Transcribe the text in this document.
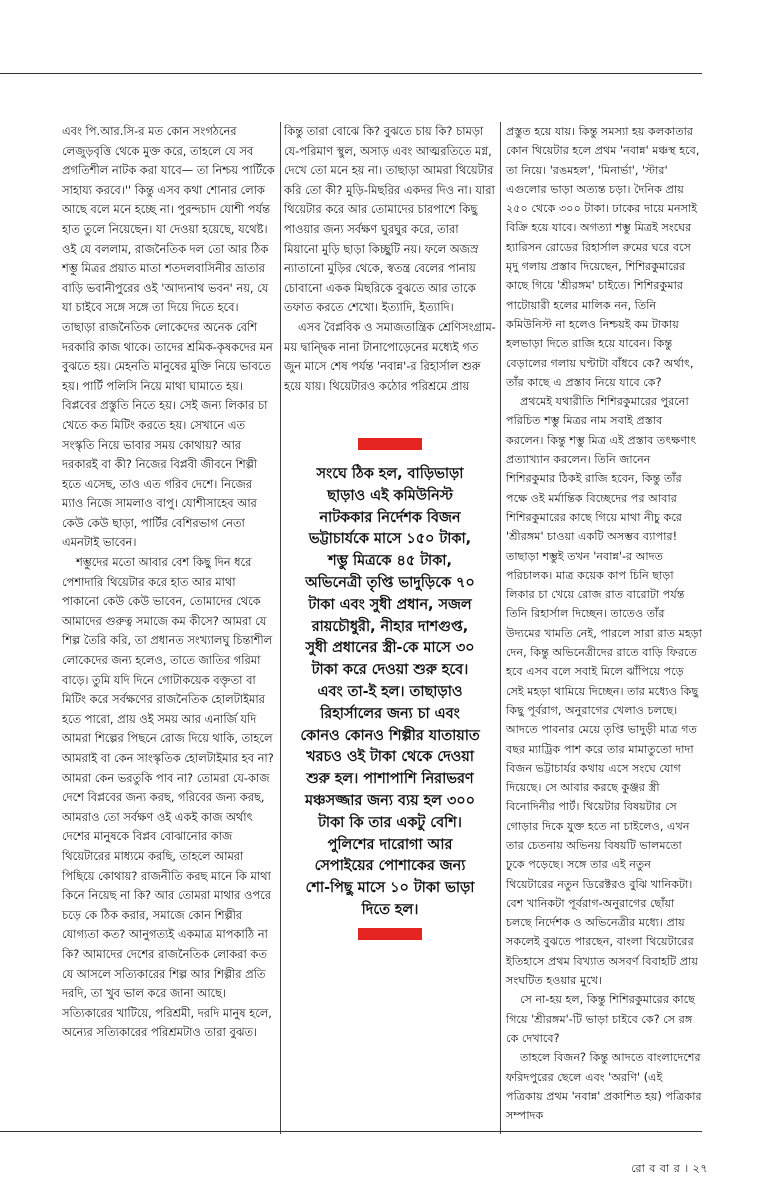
এবং পি.আর.সি-র মত কোন সংগঠনের লেজুড়বৃত্তি থেকে মুক্ত করে, তাহলে যে সব প্রগতিশীল নাটক করা যাবে— তা নিশ্চয় পার্টিকে সাহায্য করবে।'' কিন্তু এসব কথা শোনার লোক আছে বলে মনে হচ্ছে না। পুরন্দচাদ যোশী পর্যন্ত হাত তুলে নিয়েছেন। যা দেওয়া হয়েছে, যথেষ্ট। ওই যে বললাম, রাজনৈতিক দল তো আর ঠিক শম্ভু মিত্রর প্রয়াত মাতা শতদলবাসিনীর ভ্রাতার বাড়ি ভবানীপুরের ওই 'আদ্যনাথ ভবন' নয়, যে যা চাইবে সঙ্গে সঙ্গে তা দিয়ে দিতে হবে। তাছাড়া রাজনৈতিক লোকেদের অনেক বেশি দরকারি কাজ থাকে। তাদের শ্রমিক-কৃষকদের মন বুঝতে হয়। মেহনতি মানুষের মুক্তি নিয়ে ভাবতে হয়। পার্টি পলিসি নিয়ে মাথা ঘামাতে হয়। বিপ্লবের প্রস্তুতি নিতে হয়। সেই জন্য লিকার চা খেতে কত মিটিং করতে হয়। সেখানে এত সংস্কৃতি নিয়ে ভাবার সময় কোথায়? আর দরকারই বা কী? নিজের বিপ্লবী জীবনে শিল্পী হতে এসেছ, তাও এত গরিব দেশে। নিজের ম্যাও নিজে সামলাও বাপু। যোশীসাহেব আর কেউ কেউ ছাড়া, পার্টির বেশিরভাগ নেতা এমনটাই ভাবেন।

শম্ভুদের মতো আবার বেশ কিছু দিন ধরে পেশাদারি থিয়েটার করে হাত আর মাথা পাকানো কেউ কেউ ভাবেন, তোমাদের থেকে আমাদের গুরুত্ব সমাজে কম কীসে? আমরা যে শিল্প তৈরি করি, তা প্রধানত সংখ্যালঘু চিন্তাশীল লোকেদের জন্য হলেও, তাতে জাতির গরিমা বাড়ে। তুমি যদি দিনে গোটাকয়েক বক্তৃতা বা মিটিং করে সর্বক্ষণের রাজনৈতিক হোলটাইমার হতে পারো, প্রায় ওই সময় আর এনার্জি যদি আমরা শিল্পের পিছনে রোজ দিয়ে থাকি, তাহলে আমরাই বা কেন সাংস্কৃতিক হোলটাইমার হব না? আমরা কেন ভরতুকি পাব না? তোমরা যে-কাজ দেশে বিপ্লবের জন্য করছ, গরিবের জন্য করছ, আমরাও তো সর্বক্ষণ ওই একই কাজ অর্থাৎ দেশের মানুষকে বিপ্লব বোঝানোর কাজ থিয়েটারের মাধ্যমে করছি, তাহলে আমরা পিছিয়ে কোথায়? রাজনীতি করছ মানে কি মাথা কিনে নিয়েছ না কি? আর তোমরা মাথার ওপরে চড়ে কে ঠিক করার, সমাজে কোন শিল্পীর যোগ্যতা কত? আনুগত্যই একমাত্র মাপকাঠি না কি? আমাদের দেশের রাজনৈতিক লোকরা কত যে আসলে সত্যিকারের শিল্প আর শিল্পীর প্রতি দরদি, তা খুব ভাল করে জানা আছে। সত্যিকারের খাটিয়ে, পরিশ্রমী, দরদি মানুষ হলে, অন্যের সত্যিকারের পরিশ্রমটাও তারা বুঝত।

কিন্তু তারা বোঝে কি? বুঝতে চায় কি? চামড়া যে-পরিমাণ স্থুল, অসাড় এবং আত্মরতিতে মগ্ন, দেখে তো মনে হয় না। তাছাড়া আমরা থিয়েটার করি তো কী? মুড়ি-মিছরির একদর দিও না। যারা থিয়েটার করে আর তোমাদের চারপাশে কিছু পাওয়ার জন্য সর্বক্ষণ ঘুরঘুর করে, তারা মিয়ানো মুড়ি ছাড়া কিচ্ছুটি নয়। ফলে অজস্র ন্যাতানো মুড়ির থেকে, স্বতন্ত্র বেলের পানায় চোবানো একক মিছরিকে বুঝতে আর তাকে তফাত করতে শেখো। ইত্যাদি, ইত্যাদি।

এসব বৈপ্লবিক ও সমাজতান্ত্রিক শ্রেণিসংগ্রাম-ময় দ্বান্দ্বিক নানা টানাপোড়েনের মধ্যেই গত জুন মাসে শেষ পর্যন্ত 'নবান্ন'-র রিহার্সাল শুরু হয়ে যায়। থিয়েটারও কঠোর পরিশ্রমে প্রায়

সংঘে ঠিক হল, বাড়িভাড়া ছাড়াও এই কমিউনিস্ট নাটককার নির্দেশক বিজন ভট্টাচার্যকে মাসে ১৫০ টাকা, শম্ভু মিত্রকে ৪৫ টাকা, অভিনেত্রী তৃপ্তি ভাদুড়িকে ৭০ টাকা এবং সুধী প্রধান, সজল রায়চৌধুরী, নীহার দাশগুপ্ত, সুধী প্রধানের স্ত্রী-কে মাসে ৩০ টাকা করে দেওয়া শুরু হবে। এবং তা-ই হল। তাছাড়াও রিহার্সালের জন্য চা এবং কোনও কোনও শিল্পীর যাতায়াত খরচও ওই টাকা থেকে দেওয়া শুরু হল। পাশাপাশি নিরাভরণ মঞ্চসজ্জার জন্য ব্যয় হল ৩০০ টাকা কি তার একটু বেশি। পুলিশের দারোগা আর সেপাইয়ের পোশাকের জন্য শো-পিছু মাসে ১০ টাকা ভাড়া দিতে হল।

প্রস্তুত হয়ে যায়। কিন্তু সমস্যা হয় কলকাতার কোন থিয়েটার হলে প্রথম 'নবান্ন' মঞ্চস্থ হবে, তা নিয়ে। 'রঙমহল', 'মিনার্ভা', 'স্টার' এগুলোর ভাড়া অত্যন্ত চড়া। দৈনিক প্রায় ২৫০ থেকে ৩০০ টাকা। ঢাকের দায়ে মনসাই বিক্রি হয়ে যাবে। অগত্যা শম্ভু মিত্রই সংঘের হ্যারিসন রোডের রিহার্সাল রুমের ঘরে বসে মৃদু গলায় প্রস্তাব দিয়েছেন, শিশিরকুমারের কাছে গিয়ে 'শ্রীরঙ্গম' চাইতে। শিশিরকুমার পাটোয়ারী হলের মালিক নন, তিনি কমিউনিস্ট না হলেও নিশ্চয়ই কম টাকায় হলভাড়া দিতে রাজি হয়ে যাবেন। কিন্তু বেড়ালের গলায় ঘণ্টাটা বাঁধবে কে? অর্থাৎ, তাঁর কাছে এ প্রস্তাব নিয়ে যাবে কে?

প্রথমেই যথারীতি শিশিরকুমারের পুরনো পরিচিত শম্ভু মিত্রর নাম সবাই প্রস্তাব করলেন। কিন্তু শম্ভু মিত্র এই প্রস্তাব তৎক্ষণাৎ প্রত্যাখ্যান করলেন। তিনি জানেন শিশিরকুমার ঠিকই রাজি হবেন, কিন্তু তাঁর পক্ষে ওই মর্মান্তিক বিচ্ছেদের পর আবার শিশিরকুমারের কাছে গিয়ে মাথা নীচু করে 'শ্রীরঙ্গম' চাওয়া একটি অসম্ভব ব্যাপার! তাছাড়া শম্ভুই তখন 'নবান্ন'-র আদত পরিচালক। মাত্র কয়েক কাপ চিনি ছাড়া লিকার চা খেয়ে রোজ রাত বারোটা পর্যন্ত তিনি রিহার্সাল দিচ্ছেন। তাতেও তাঁর উদ্যমের খামতি নেই, পারলে সারা রাত মহড়া দেন, কিন্তু অভিনেত্রীদের রাতে বাড়ি ফিরতে হবে এসব বলে সবাই মিলে ঝাঁপিয়ে পড়ে সেই মহড়া থামিয়ে দিচ্ছেন। তার মধ্যেও কিছু কিছু পূর্বরাগ, অনুরাগের খেলাও চলছে। আদতে পাবনার মেয়ে তৃপ্তি ভাদুড়ী মাত্র গত বছর ম্যাট্রিক পাশ করে তার মামাতুতো দাদা বিজন ভট্টাচার্যর কথায় এসে সংঘে যোগ দিয়েছে। সে আবার করছে কুঞ্জর স্ত্রী বিনোদিনীর পার্ট। থিয়েটার বিষয়টার সে গোড়ার দিকে যুক্ত হতে না চাইলেও, এখন তার চেতনায় অভিনয় বিষয়টি ভালমতো ঢুকে পড়েছে। সঙ্গে তার এই নতুন থিয়েটারের নতুন ডিরেক্টরও বুঝি খানিকটা। বেশ খানিকটা পূর্বরাগ-অনুরাগের ছোঁয়া চলছে নির্দেশক ও অভিনেত্রীর মধ্যে। প্রায় সকলেই বুঝতে পারছেন, বাংলা থিয়েটারের ইতিহাসে প্রথম বিখ্যাত অসবর্ণ বিবাহটি প্রায় সংঘটিত হওয়ার মুখে।

সে না-হয় হল, কিন্তু শিশিরকুমারের কাছে গিয়ে 'শ্রীরঙ্গম'-টি ভাড়া চাইবে কে? সে রঙ্গ কে দেখাবে?

তাহলে বিজন? কিন্তু আদতে বাংলাদেশের ফরিদপুরের ছেলে এবং 'অরণি' (এই পত্রিকায় প্রথম 'নবান্ন' প্রকাশিত হয়) পত্রিকার সম্পাদক

রো ব বা র । ২৭
